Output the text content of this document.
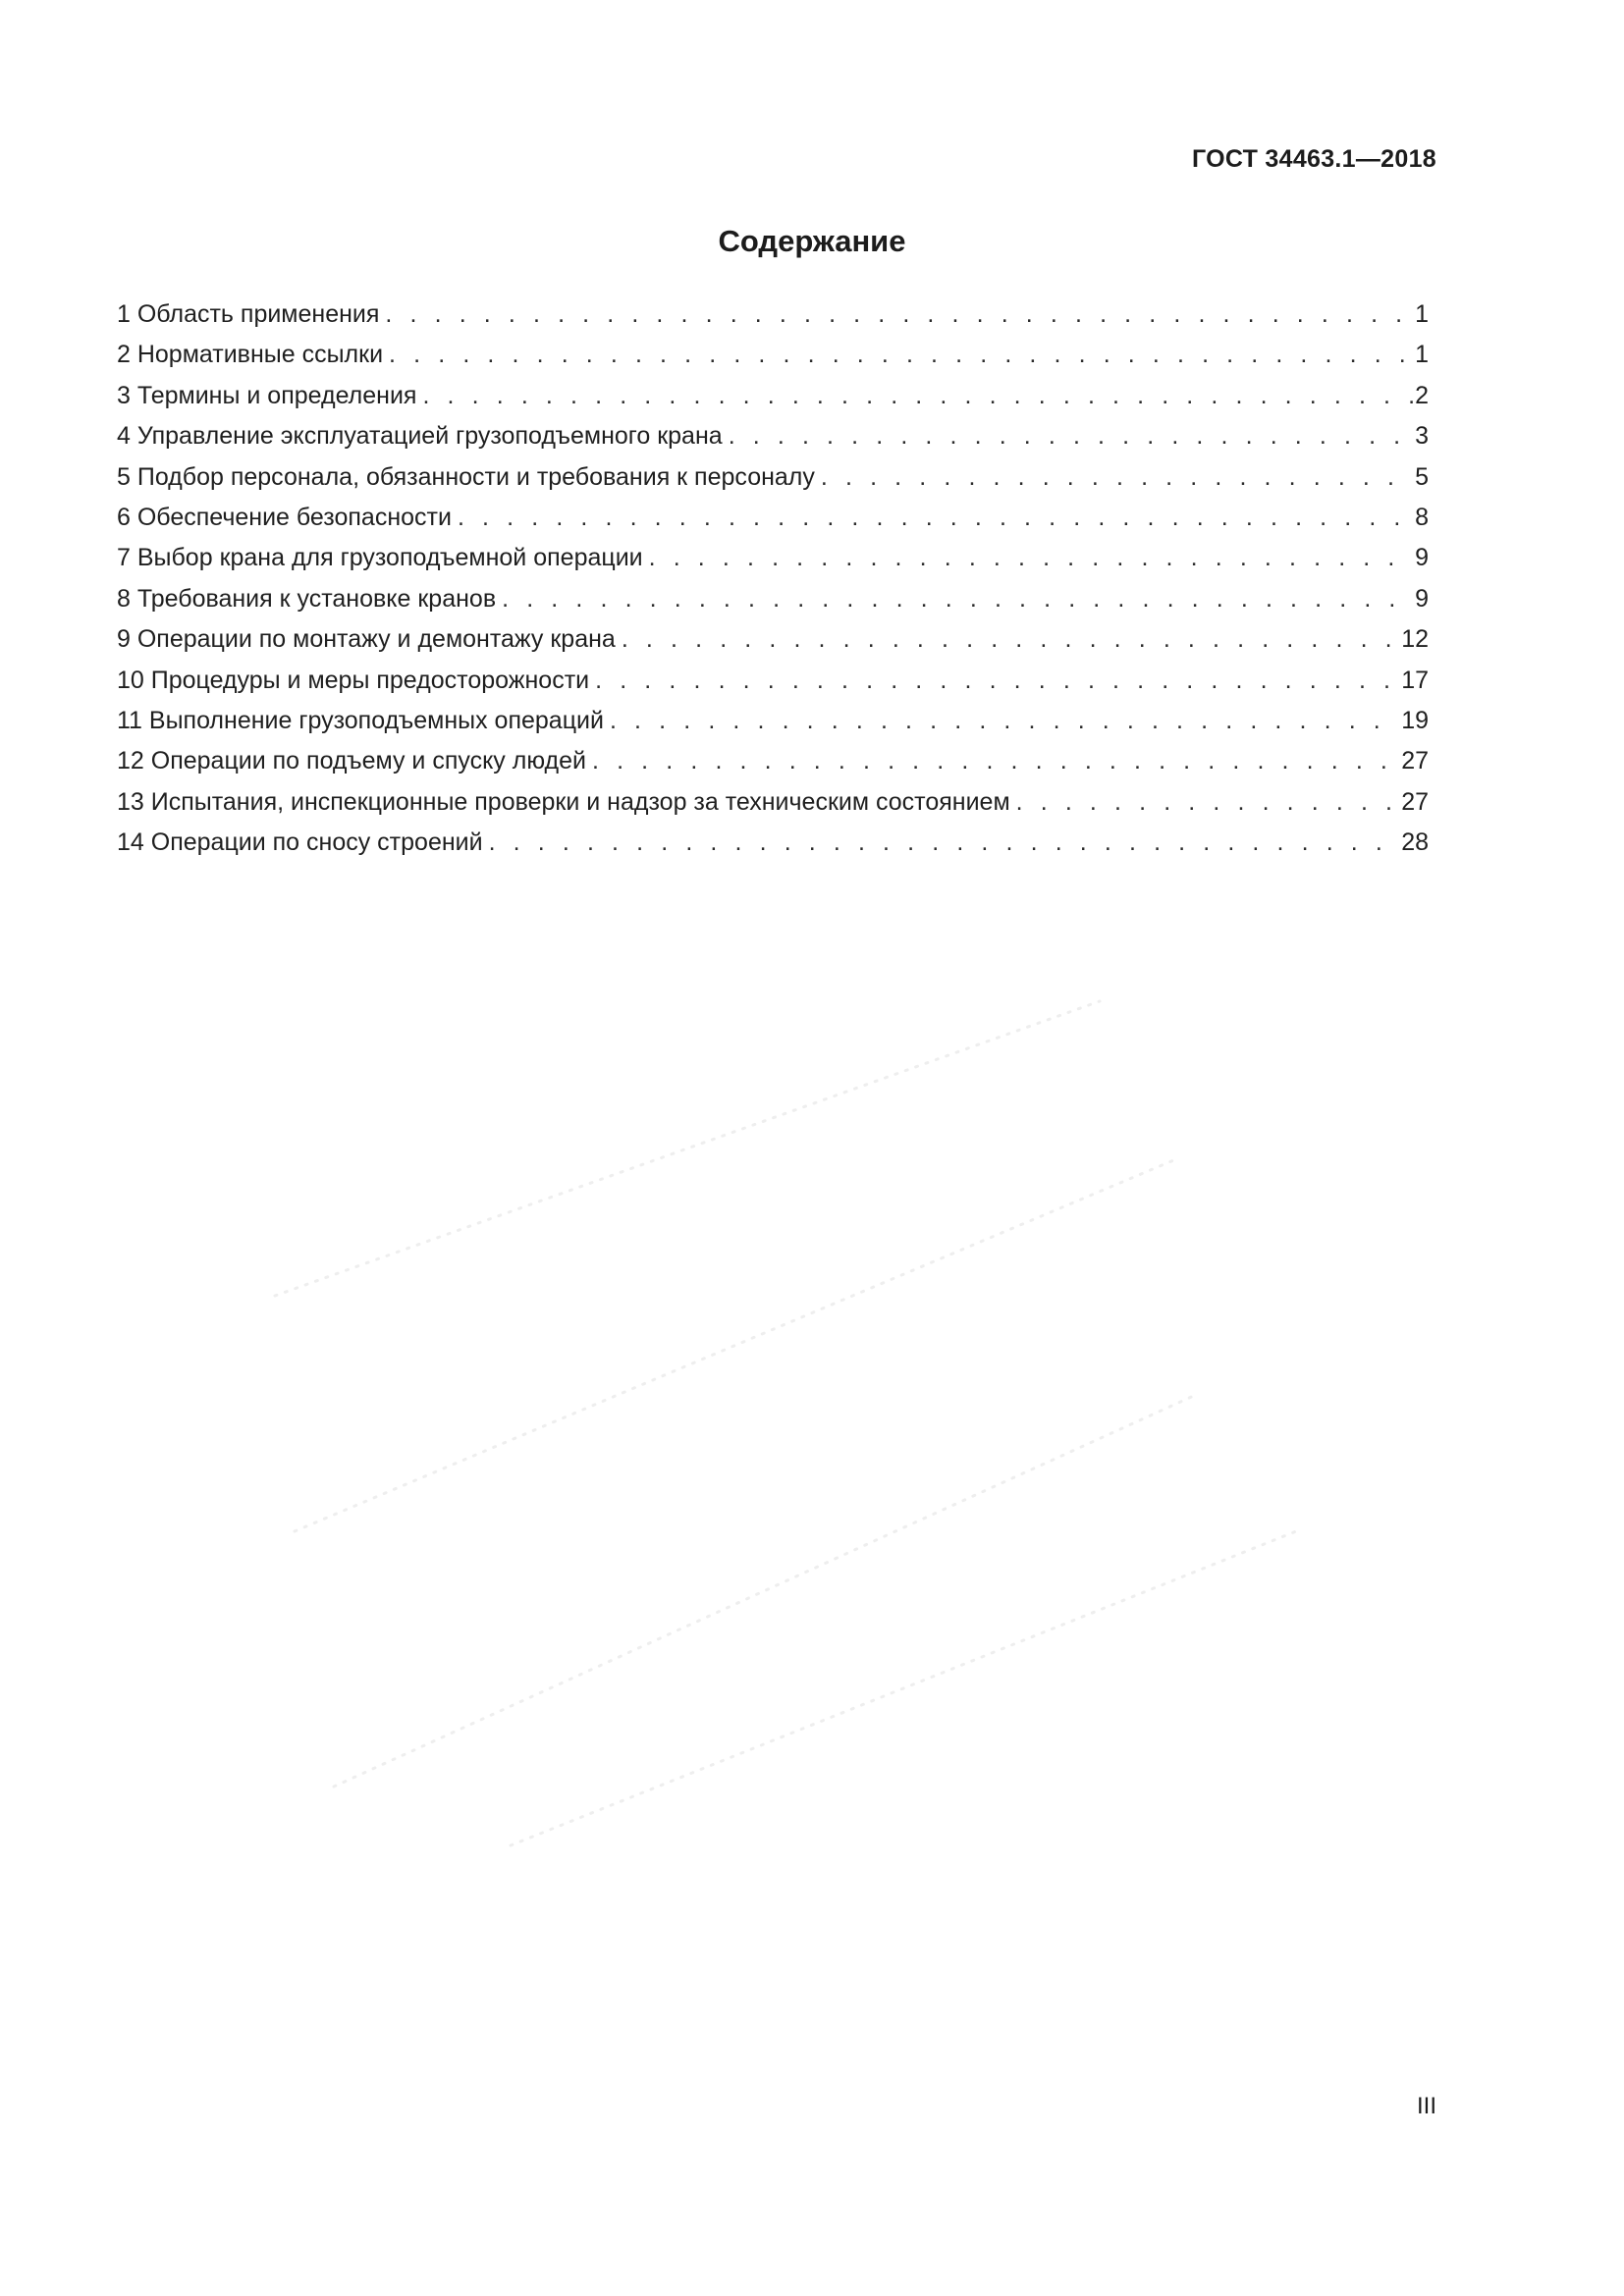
ГОСТ 34463.1—2018
Содержание
1 Область применения . . .	1
2 Нормативные ссылки . . .	1
3 Термины и определения . . .	2
4 Управление эксплуатацией грузоподъемного крана . . .	3
5 Подбор персонала, обязанности и требования к персоналу . . .	5
6 Обеспечение безопасности . . .	8
7 Выбор крана для грузоподъемной операции . . .	9
8 Требования к установке кранов . . .	9
9 Операции по монтажу и демонтажу крана . . .	12
10 Процедуры и меры предосторожности . . .	17
11 Выполнение грузоподъемных операций . . .	19
12 Операции по подъему и спуску людей . . .	27
13 Испытания, инспекционные проверки и надзор за техническим состоянием . . .	27
14 Операции по сносу строений . . .	28
III
